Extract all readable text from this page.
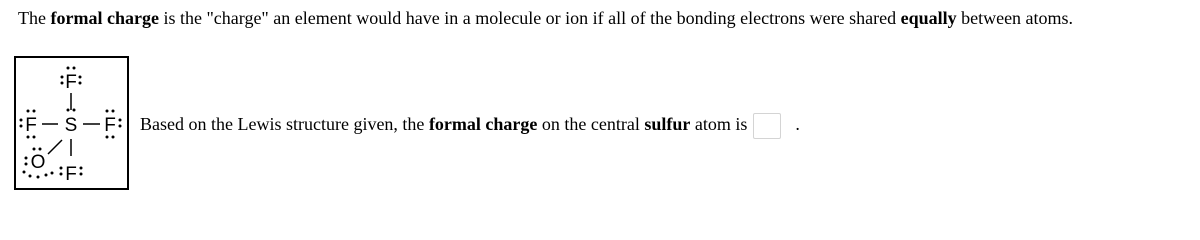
The formal charge is the "charge" an element would have in a molecule or ion if all of the bonding electrons were shared equally between atoms.
F
F S F
O
F
Based on the Lewis structure given, the formal charge on the central sulfur atom is	.
